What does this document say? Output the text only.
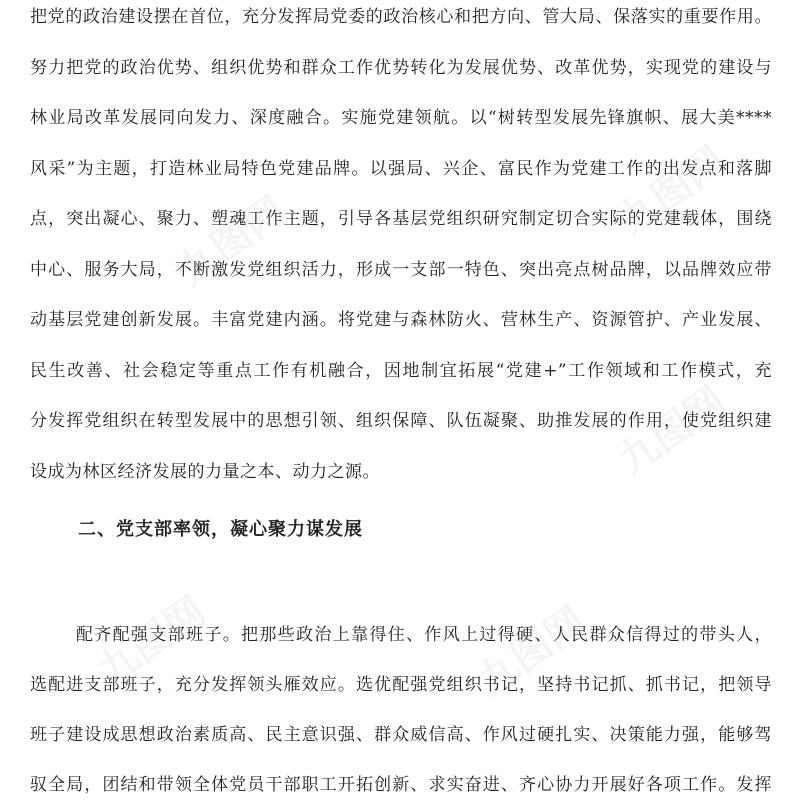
把党的政治建设摆在首位，充分发挥局党委的政治核心和把方向、管大局、保落实的重要作用。
努力把党的政治优势、组织优势和群众工作优势转化为发展优势、改革优势，实现党的建设与
林业局改革发展同向发力、深度融合。实施党建领航。以“树转型发展先锋旗帜、展大美****
风采”为主题，打造林业局特色党建品牌。以强局、兴企、富民作为党建工作的出发点和落脚
点，突出凝心、聚力、塑魂工作主题，引导各基层党组织研究制定切合实际的党建载体，围绕
中心、服务大局，不断激发党组织活力，形成一支部一特色、突出亮点树品牌，以品牌效应带
动基层党建创新发展。丰富党建内涵。将党建与森林防火、营林生产、资源管护、产业发展、
民生改善、社会稳定等重点工作有机融合，因地制宜拓展“党建+”工作领域和工作模式，充
分发挥党组织在转型发展中的思想引领、组织保障、队伍凝聚、助推发展的作用，使党组织建
设成为林区经济发展的力量之本、动力之源。
二、党支部率领，凝心聚力谋发展
配齐配强支部班子。把那些政治上靠得住、作风上过得硬、人民群众信得过的带头人，
选配进支部班子，充分发挥领头雁效应。选优配强党组织书记，坚持书记抓、抓书记，把领导
班子建设成思想政治素质高、民主意识强、群众威信高、作风过硬扎实、决策能力强，能够驾
驭全局，团结和带领全体党员干部职工开拓创新、求实奋进、齐心协力开展好各项工作。发挥
九图网	九图网
九图网
九图网	九图网
